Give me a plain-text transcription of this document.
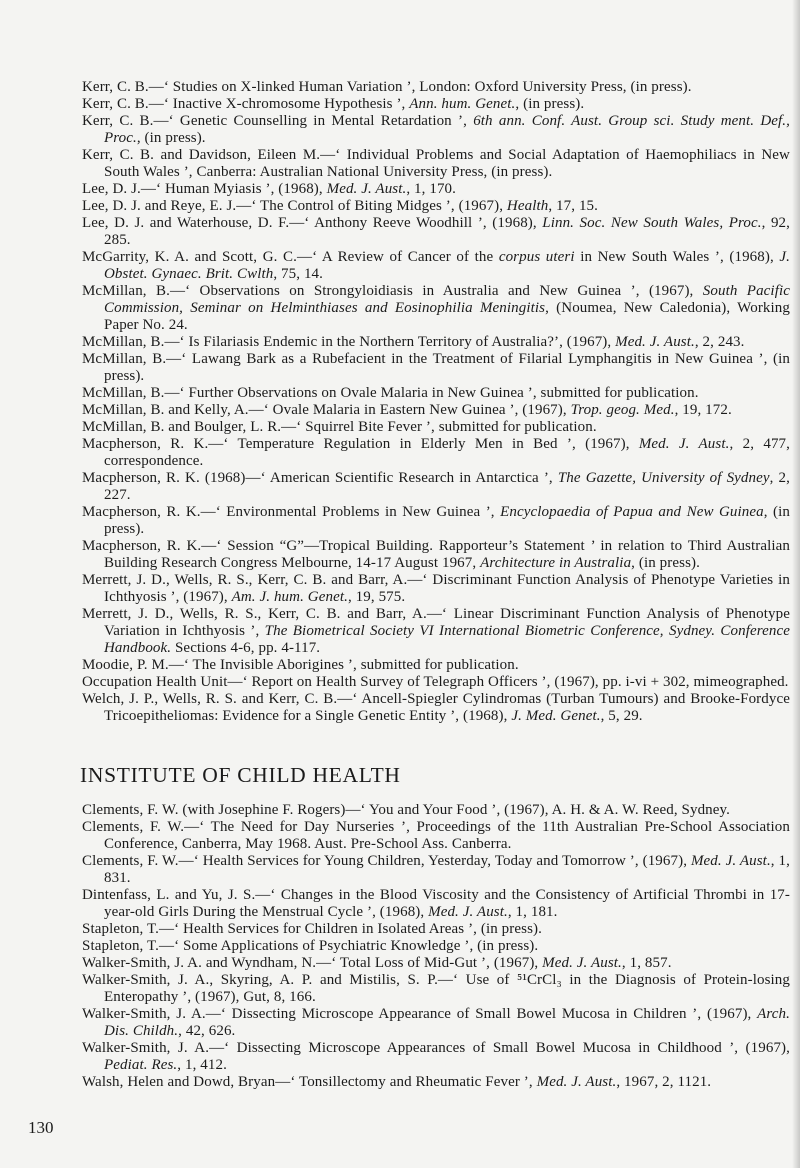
Kerr, C. B.—‘ Studies on X-linked Human Variation ’, London: Oxford University Press, (in press).

Kerr, C. B.—‘ Inactive X-chromosome Hypothesis ’, Ann. hum. Genet., (in press).

Kerr, C. B.—‘ Genetic Counselling in Mental Retardation ’, 6th ann. Conf. Aust. Group sci. Study ment. Def., Proc., (in press).

Kerr, C. B. and Davidson, Eileen M.—‘ Individual Problems and Social Adaptation of Haemophiliacs in New South Wales ’, Canberra: Australian National University Press, (in press).

Lee, D. J.—‘ Human Myiasis ’, (1968), Med. J. Aust., 1, 170.

Lee, D. J. and Reye, E. J.—‘ The Control of Biting Midges ’, (1967), Health, 17, 15.

Lee, D. J. and Waterhouse, D. F.—‘ Anthony Reeve Woodhill ’, (1968), Linn. Soc. New South Wales, Proc., 92, 285.

McGarrity, K. A. and Scott, G. C.—‘ A Review of Cancer of the corpus uteri in New South Wales ’, (1968), J. Obstet. Gynaec. Brit. Cwlth, 75, 14.

McMillan, B.—‘ Observations on Strongyloidiasis in Australia and New Guinea ’, (1967), South Pacific Commission, Seminar on Helminthiases and Eosinophilia Meningitis, (Noumea, New Caledonia), Working Paper No. 24.

McMillan, B.—‘ Is Filariasis Endemic in the Northern Territory of Australia?’, (1967), Med. J. Aust., 2, 243.

McMillan, B.—‘ Lawang Bark as a Rubefacient in the Treatment of Filarial Lymphangitis in New Guinea ’, (in press).

McMillan, B.—‘ Further Observations on Ovale Malaria in New Guinea ’, submitted for publication.

McMillan, B. and Kelly, A.—‘ Ovale Malaria in Eastern New Guinea ’, (1967), Trop. geog. Med., 19, 172.

McMillan, B. and Boulger, L. R.—‘ Squirrel Bite Fever ’, submitted for publication.

Macpherson, R. K.—‘ Temperature Regulation in Elderly Men in Bed ’, (1967), Med. J. Aust., 2, 477, correspondence.

Macpherson, R. K. (1968)—‘ American Scientific Research in Antarctica ’, The Gazette, University of Sydney, 2, 227.

Macpherson, R. K.—‘ Environmental Problems in New Guinea ’, Encyclopaedia of Papua and New Guinea, (in press).

Macpherson, R. K.—‘ Session “G”—Tropical Building. Rapporteur’s Statement ’ in relation to Third Australian Building Research Congress Melbourne, 14-17 August 1967, Architecture in Australia, (in press).

Merrett, J. D., Wells, R. S., Kerr, C. B. and Barr, A.—‘ Discriminant Function Analysis of Phenotype Varieties in Ichthyosis ’, (1967), Am. J. hum. Genet., 19, 575.

Merrett, J. D., Wells, R. S., Kerr, C. B. and Barr, A.—‘ Linear Discriminant Function Analysis of Phenotype Variation in Ichthyosis ’, The Biometrical Society VI International Biometric Conference, Sydney. Conference Handbook. Sections 4-6, pp. 4-117.

Moodie, P. M.—‘ The Invisible Aborigines ’, submitted for publication.

Occupation Health Unit—‘ Report on Health Survey of Telegraph Officers ’, (1967), pp. i-vi + 302, mimeographed.

Welch, J. P., Wells, R. S. and Kerr, C. B.—‘ Ancell-Spiegler Cylindromas (Turban Tumours) and Brooke-Fordyce Tricoepitheliomas: Evidence for a Single Genetic Entity ’, (1968), J. Med. Genet., 5, 29.

INSTITUTE OF CHILD HEALTH

Clements, F. W. (with Josephine F. Rogers)—‘ You and Your Food ’, (1967), A. H. & A. W. Reed, Sydney.

Clements, F. W.—‘ The Need for Day Nurseries ’, Proceedings of the 11th Australian Pre-School Association Conference, Canberra, May 1968. Aust. Pre-School Ass. Canberra.

Clements, F. W.—‘ Health Services for Young Children, Yesterday, Today and Tomorrow ’, (1967), Med. J. Aust., 1, 831.

Dintenfass, L. and Yu, J. S.—‘ Changes in the Blood Viscosity and the Consistency of Artificial Thrombi in 17-year-old Girls During the Menstrual Cycle ’, (1968), Med. J. Aust., 1, 181.

Stapleton, T.—‘ Health Services for Children in Isolated Areas ’, (in press).

Stapleton, T.—‘ Some Applications of Psychiatric Knowledge ’, (in press).

Walker-Smith, J. A. and Wyndham, N.—‘ Total Loss of Mid-Gut ’, (1967), Med. J. Aust., 1, 857.

Walker-Smith, J. A., Skyring, A. P. and Mistilis, S. P.—‘ Use of ⁵¹CrCl₃ in the Diagnosis of Protein-losing Enteropathy ’, (1967), Gut, 8, 166.

Walker-Smith, J. A.—‘ Dissecting Microscope Appearance of Small Bowel Mucosa in Children ’, (1967), Arch. Dis. Childh., 42, 626.

Walker-Smith, J. A.—‘ Dissecting Microscope Appearances of Small Bowel Mucosa in Childhood ’, (1967), Pediat. Res., 1, 412.

Walsh, Helen and Dowd, Bryan—‘ Tonsillectomy and Rheumatic Fever ’, Med. J. Aust., 1967, 2, 1121.

130
